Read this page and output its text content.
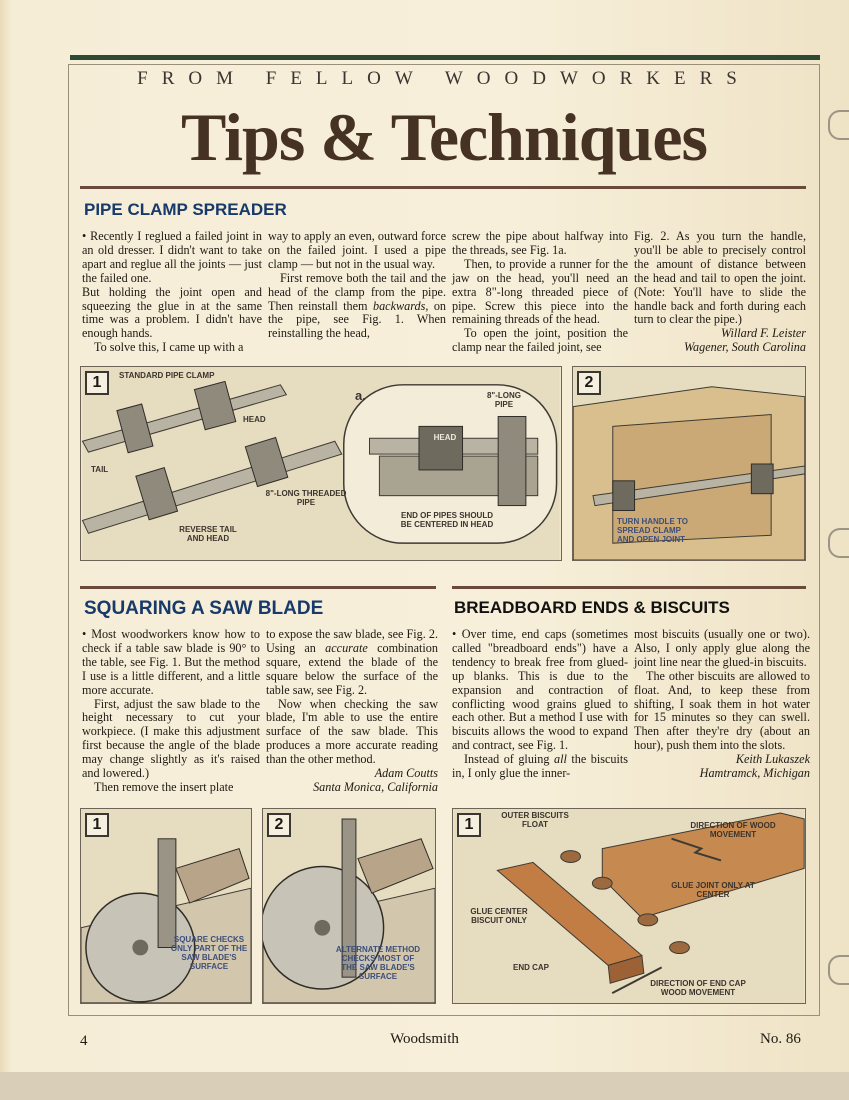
FROM FELLOW WOODWORKERS
Tips & Techniques
PIPE CLAMP SPREADER

• Recently I reglued a failed joint in an old dresser. I didn't want to take apart and reglue all the joints — just the failed one.

But holding the joint open and squeezing the glue in at the same time was a problem. I didn't have enough hands.

To solve this, I came up with a

way to apply an even, outward force on the failed joint. I used a pipe clamp — but not in the usual way.

First remove both the tail and the head of the clamp from the pipe. Then reinstall them backwards, on the pipe, see Fig. 1. When reinstalling the head,

screw the pipe about halfway into the threads, see Fig. 1a.

Then, to provide a runner for the jaw on the head, you'll need an extra 8"-long threaded piece of pipe. Screw this piece into the remaining threads of the head.

To open the joint, position the clamp near the failed joint, see

Fig. 2. As you turn the handle, you'll be able to precisely control the amount of distance between the head and tail to open the joint. (Note: You'll have to slide the handle back and forth during each turn to clear the pipe.)

Willard F. Leister

Wagener, South Carolina

1	STANDARD PIPE CLAMP
HEAD
TAIL
8"-LONG THREADED PIPE
REVERSE TAIL AND HEAD
a.	8"-LONG PIPE
HEAD
END OF PIPES SHOULD BE CENTERED IN HEAD
2
TURN HANDLE TO SPREAD CLAMP AND OPEN JOINT
SQUARING A SAW BLADE

• Most woodworkers know how to check if a table saw blade is 90° to the table, see Fig. 1. But the method I use is a little different, and a little more accurate.

First, adjust the saw blade to the height necessary to cut your workpiece. (I make this adjustment first because the angle of the blade may change slightly as it's raised and lowered.)

Then remove the insert plate

to expose the saw blade, see Fig. 2. Using an accurate combination square, extend the blade of the square below the surface of the table saw, see Fig. 2.

Now when checking the saw blade, I'm able to use the entire surface of the saw blade. This produces a more accurate reading than the other method.

Adam Coutts

Santa Monica, California

1
SQUARE CHECKS ONLY PART OF THE SAW BLADE'S SURFACE
2
ALTERNATE METHOD CHECKS MOST OF THE SAW BLADE'S SURFACE
BREADBOARD ENDS & BISCUITS

• Over time, end caps (sometimes called "breadboard ends") have a tendency to break free from glued-up blanks. This is due to the expansion and contraction of conflicting wood grains glued to each other. But a method I use with biscuits allows the wood to expand and contract, see Fig. 1.

Instead of gluing all the biscuits in, I only glue the inner-

most biscuits (usually one or two). Also, I only apply glue along the joint line near the glued-in biscuits.

The other biscuits are allowed to float. And, to keep these from shifting, I soak them in hot water for 15 minutes so they can swell. Then after they're dry (about an hour), push them into the slots.

Keith Lukaszek

Hamtramck, Michigan

1
OUTER BISCUITS FLOAT	DIRECTION OF WOOD MOVEMENT
GLUE JOINT ONLY AT CENTER
GLUE CENTER BISCUIT ONLY
END CAP
DIRECTION OF END CAP WOOD MOVEMENT
4	Woodsmith	No. 86
